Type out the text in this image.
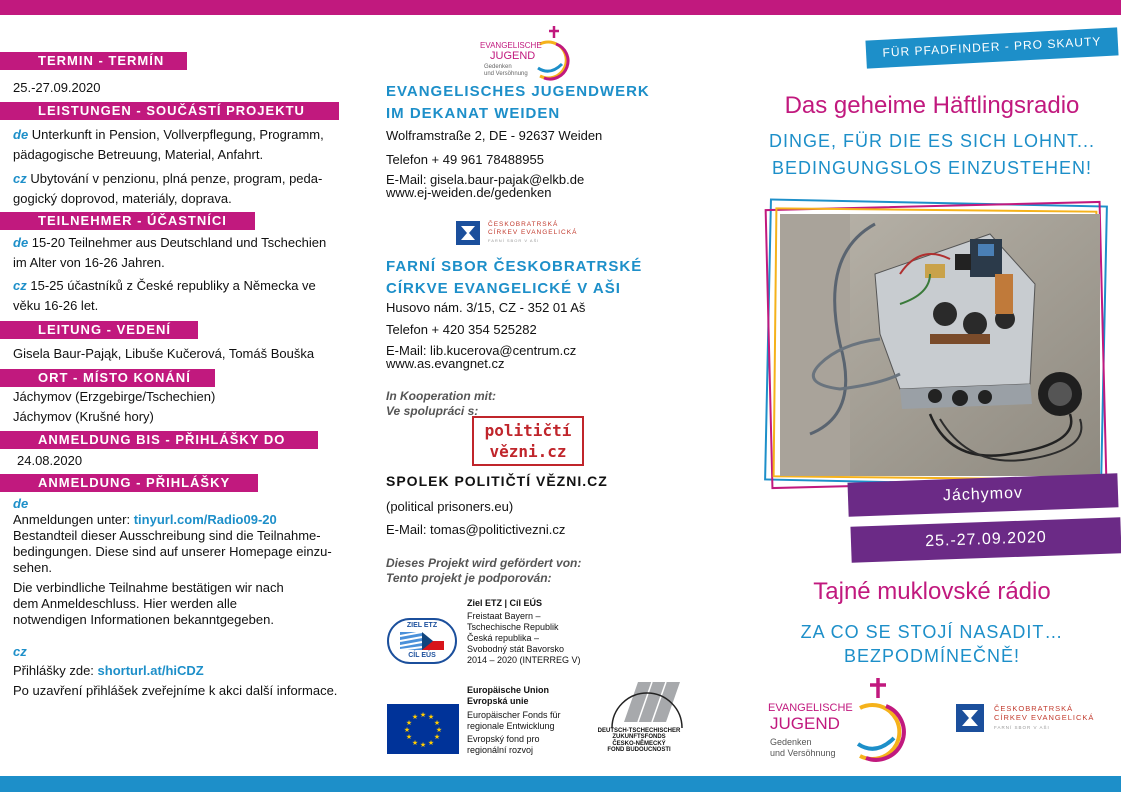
TERMIN - TERMÍN
25.-27.09.2020
LEISTUNGEN - SOUČÁSTÍ PROJEKTU
de Unterkunft in Pension, Vollverpflegung, Programm,
pädagogische Betreuung, Material, Anfahrt.
cz Ubytování v penzionu, plná penze, program, peda-
gogický doprovod, materiály, doprava.
TEILNEHMER - ÚČASTNÍCI
de 15-20 Teilnehmer aus Deutschland und Tschechien
im Alter von 16-26 Jahren.
cz 15-25 účastníků z České republiky a Německa ve
věku 16-26 let.
LEITUNG - VEDENÍ
Gisela Baur-Pająk, Libuše Kučerová, Tomáš Bouška
ORT - MÍSTO KONÁNÍ
Jáchymov (Erzgebirge/Tschechien)
Jáchymov (Krušné hory)
ANMELDUNG BIS - PŘIHLÁŠKY DO
24.08.2020
ANMELDUNG - PŘIHLÁŠKY
de
Anmeldungen unter: tinyurl.com/Radio09-20
Bestandteil dieser Ausschreibung sind die Teilnahme-
bedingungen. Diese sind auf unserer Homepage einzu-
sehen.
Die verbindliche Teilnahme bestätigen wir nach
dem Anmeldeschluss. Hier werden alle
notwendigen Informationen bekanntgegeben.
cz
Přihlášky zde: shorturl.at/hiCDZ
Po uzavření přihlášek zveřejníme k akci další informace.
EVANGELISCHE
JUGEND
Gedenken
und Versöhnung
EVANGELISCHES JUGENDWERK
IM DEKANAT WEIDEN
Wolframstraße 2, DE - 92637 Weiden
Telefon + 49 961 78488955
E-Mail: gisela.baur-pajak@elkb.de
www.ej-weiden.de/gedenken
ČESKOBRATRSKÁ
CÍRKEV EVANGELICKÁ
FARNÍ SBOR V AŠI
FARNÍ SBOR ČESKOBRATRSKÉ
CÍRKVE EVANGELICKÉ V AŠI
Husovo nám. 3/15, CZ - 352 01 Aš
Telefon + 420 354 525282
E-Mail: lib.kucerova@centrum.cz
www.as.evangnet.cz
In Kooperation mit:
Ve spolupráci s:
političtí
vězni.cz
SPOLEK POLITIČTÍ VĚZNI.CZ
(political prisoners.eu)
E-Mail: tomas@politictivezni.cz
Dieses Projekt wird gefördert von:
Tento projekt je podporován:
ZIEL ETZ
CÍL EÚS
Ziel ETZ | Cíl EÚS
Freistaat Bayern –
Tschechische Republik
Česká republika –
Svobodný stát Bavorsko
2014 – 2020 (INTERREG V)
★ ★
★
★
★
★
★
★
★
★
★
★
Europäische Union
Evropská unie
Europäischer Fonds für
regionale Entwicklung
Evropský fond pro
regionální rozvoj
DEUTSCH-TSCHECHISCHER
ZUKUNFTSFONDS
ČESKO-NĚMECKÝ
FOND BUDOUCNOSTI
FÜR PFADFINDER - PRO SKAUTY
Das geheime Häftlingsradio
DINGE, FÜR DIE ES SICH LOHNT...
BEDINGUNGSLOS EINZUSTEHEN!
Jáchymov
25.-27.09.2020
Tajné muklovské rádio
ZA CO SE STOJÍ NASADIT…
BEZPODMÍNEČNĚ!
EVANGELISCHE
JUGEND
Gedenken
und Versöhnung
ČESKOBRATRSKÁ
CÍRKEV EVANGELICKÁ
FARNÍ SBOR V AŠI
